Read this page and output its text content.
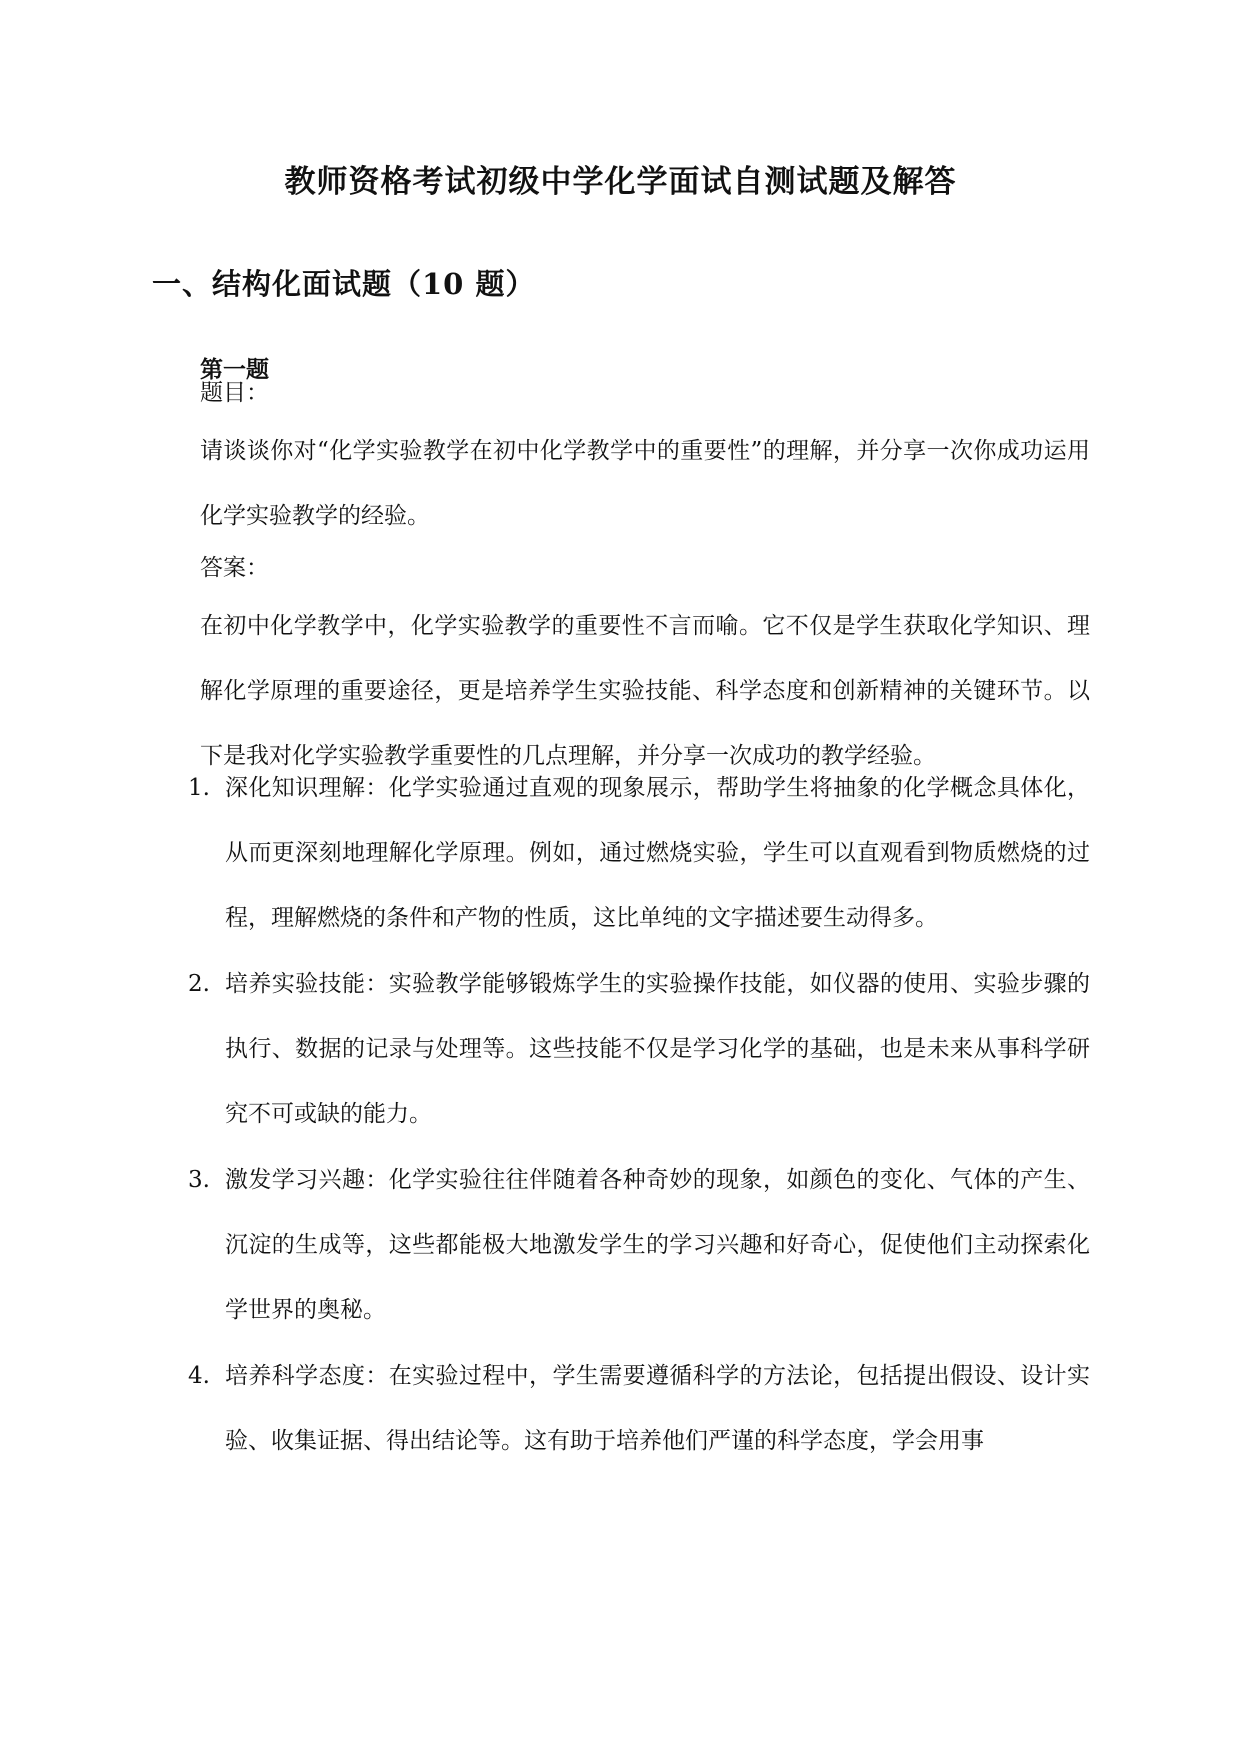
教师资格考试初级中学化学面试自测试题及解答
一、结构化面试题（10 题）
第一题

题目：

请谈谈你对“化学实验教学在初中化学教学中的重要性”的理解，并分享一次你成功运用化学实验教学的经验。

答案：

在初中化学教学中，化学实验教学的重要性不言而喻。它不仅是学生获取化学知识、理解化学原理的重要途径，更是培养学生实验技能、科学态度和创新精神的关键环节。以下是我对化学实验教学重要性的几点理解，并分享一次成功的教学经验。

1. 深化知识理解：化学实验通过直观的现象展示，帮助学生将抽象的化学概念具体化，从而更深刻地理解化学原理。例如，通过燃烧实验，学生可以直观看到物质燃烧的过程，理解燃烧的条件和产物的性质，这比单纯的文字描述要生动得多。

2. 培养实验技能：实验教学能够锻炼学生的实验操作技能，如仪器的使用、实验步骤的执行、数据的记录与处理等。这些技能不仅是学习化学的基础，也是未来从事科学研究不可或缺的能力。

3. 激发学习兴趣：化学实验往往伴随着各种奇妙的现象，如颜色的变化、气体的产生、沉淀的生成等，这些都能极大地激发学生的学习兴趣和好奇心，促使他们主动探索化学世界的奥秘。

4. 培养科学态度：在实验过程中，学生需要遵循科学的方法论，包括提出假设、设计实验、收集证据、得出结论等。这有助于培养他们严谨的科学态度，学会用事
